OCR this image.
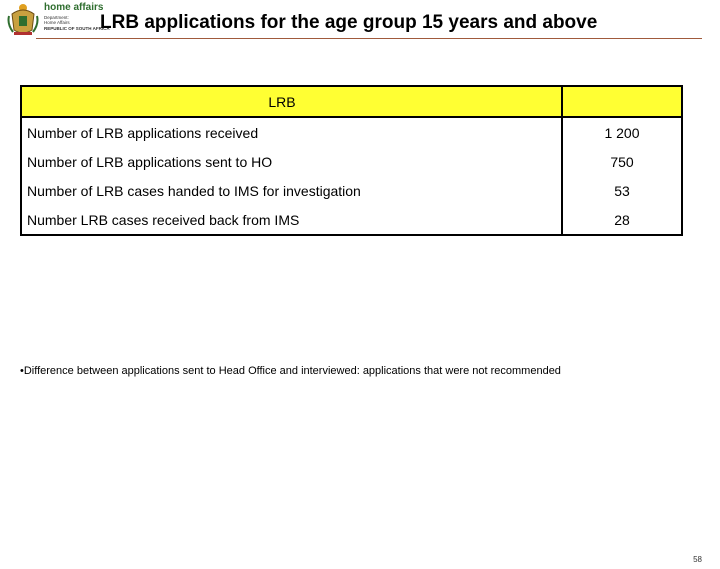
home affairs
Department:
Home Affairs
REPUBLIC OF SOUTH AFRICA
LRB applications for the age group 15 years and above
LRB	
Number of LRB applications received	1 200
Number of LRB applications sent to HO	750
Number of LRB cases handed to IMS for investigation	53
Number LRB cases received back from IMS	28
•Difference between applications sent to Head Office and interviewed: applications that were not recommended
58
